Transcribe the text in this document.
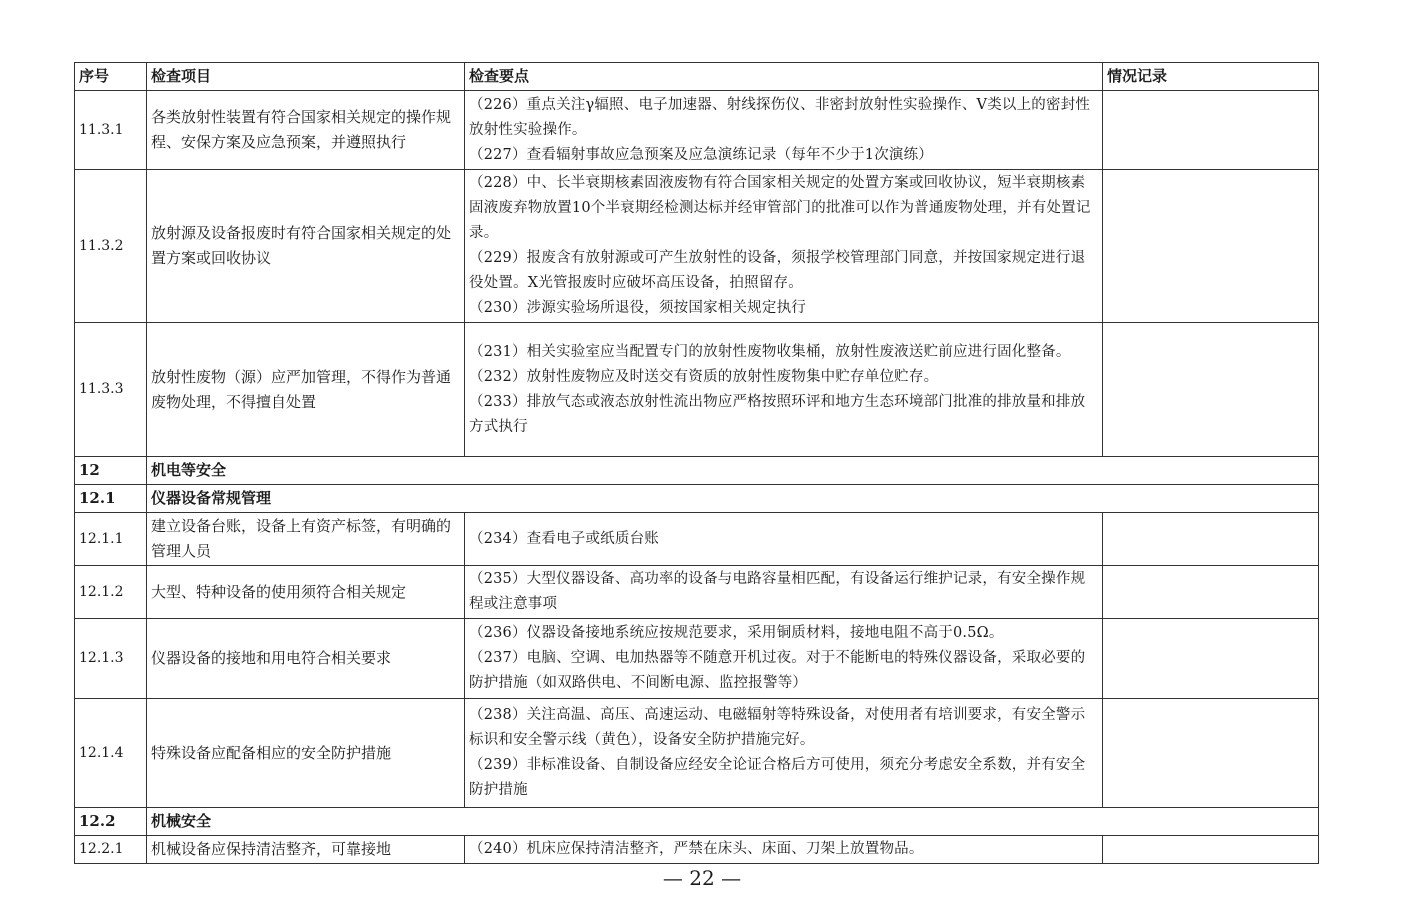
序号	检查项目	检查要点	情况记录
11.3.1	各类放射性装置有符合国家相关规定的操作规程、安保方案及应急预案，并遵照执行	（226）重点关注γ辐照、电子加速器、射线探伤仪、非密封放射性实验操作、V类以上的密封性放射性实验操作。
（227）查看辐射事故应急预案及应急演练记录（每年不少于1次演练）	

11.3.2	放射源及设备报废时有符合国家相关规定的处置方案或回收协议	（228）中、长半衰期核素固液废物有符合国家相关规定的处置方案或回收协议，短半衰期核素固液废弃物放置10个半衰期经检测达标并经审管部门的批准可以作为普通废物处理，并有处置记录。
（229）报废含有放射源或可产生放射性的设备，须报学校管理部门同意，并按国家规定进行退役处置。X光管报废时应破坏高压设备，拍照留存。
（230）涉源实验场所退役，须按国家相关规定执行	

11.3.3	放射性废物（源）应严加管理，不得作为普通废物处理，不得擅自处置	（231）相关实验室应当配置专门的放射性废物收集桶，放射性废液送贮前应进行固化整备。
（232）放射性废物应及时送交有资质的放射性废物集中贮存单位贮存。
（233）排放气态或液态放射性流出物应严格按照环评和地方生态环境部门批准的排放量和排放方式执行	

12	机电等安全		
12.1	仪器设备常规管理		
12.1.1	建立设备台账，设备上有资产标签，有明确的管理人员	（234）查看电子或纸质台账	

12.1.2	大型、特种设备的使用须符合相关规定	（235）大型仪器设备、高功率的设备与电路容量相匹配，有设备运行维护记录，有安全操作规程或注意事项	

12.1.3	仪器设备的接地和用电符合相关要求	（236）仪器设备接地系统应按规范要求，采用铜质材料，接地电阻不高于0.5Ω。
（237）电脑、空调、电加热器等不随意开机过夜。对于不能断电的特殊仪器设备，采取必要的防护措施（如双路供电、不间断电源、监控报警等）	

12.1.4	特殊设备应配备相应的安全防护措施	（238）关注高温、高压、高速运动、电磁辐射等特殊设备，对使用者有培训要求，有安全警示标识和安全警示线（黄色），设备安全防护措施完好。
（239）非标准设备、自制设备应经安全论证合格后方可使用，须充分考虑安全系数，并有安全防护措施	

12.2	机械安全		
12.2.1	机械设备应保持清洁整齐，可靠接地	（240）机床应保持清洁整齐，严禁在床头、床面、刀架上放置物品。	

— 22 —
